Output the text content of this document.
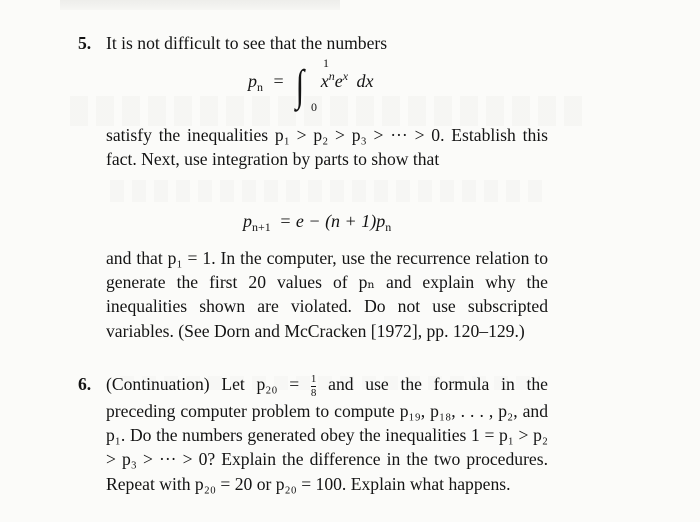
5. It is not difficult to see that the numbers

$p_n$ = ∫ 1
0
$x^ne^x$ dx

satisfy the inequalities p₁ > p₂ > p₃ > ··· > 0. Establish this fact. Next, use integration by parts to show that

$p_{n+1} = e - (n + 1)p_n$

and that p₁ = 1. In the computer, use the recurrence relation to generate the first 20 values of pₙ and explain why the inequalities shown are violated. Do not use subscripted variables. (See Dorn and McCracken [1972], pp. 120–129.)

6. (Continuation) Let $p_{20} = \frac{1}{8}$ and use the formula in the preceding computer problem to compute p₁₉, p₁₈, . . . , p₂, and p₁. Do the numbers generated obey the inequalities 1 = p₁ > p₂ > p₃ > ··· > 0? Explain the difference in the two procedures. Repeat with p₂₀ = 20 or p₂₀ = 100. Explain what happens.
